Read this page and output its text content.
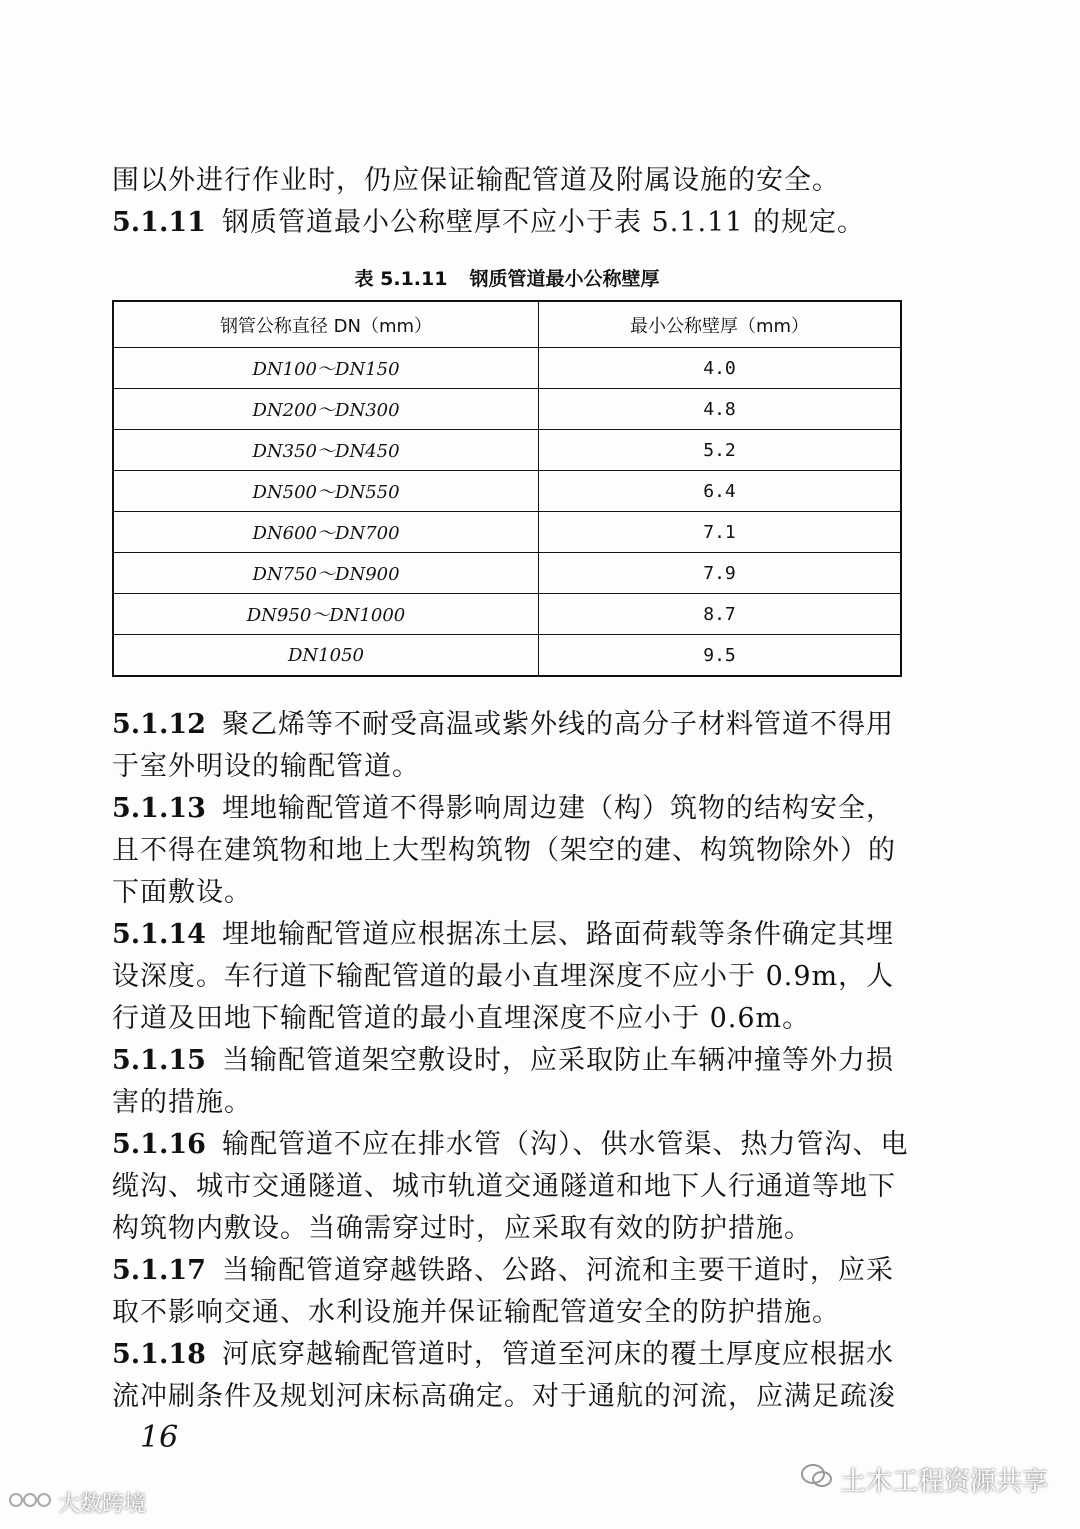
围以外进行作业时，仍应保证输配管道及附属设施的安全。

5.1.11 钢质管道最小公称壁厚不应小于表 5.1.11 的规定。

表 5.1.11 钢质管道最小公称壁厚
钢管公称直径 DN（mm）	最小公称壁厚（mm）
DN100～DN150	4.0
DN200～DN300	4.8
DN350～DN450	5.2
DN500～DN550	6.4
DN600～DN700	7.1
DN750～DN900	7.9
DN950～DN1000	8.7
DN1050	9.5

5.1.12 聚乙烯等不耐受高温或紫外线的高分子材料管道不得用于室外明设的输配管道。

5.1.13 埋地输配管道不得影响周边建（构）筑物的结构安全，且不得在建筑物和地上大型构筑物（架空的建、构筑物除外）的下面敷设。

5.1.14 埋地输配管道应根据冻土层、路面荷载等条件确定其埋设深度。车行道下输配管道的最小直埋深度不应小于 0.9m，人行道及田地下输配管道的最小直埋深度不应小于 0.6m。

5.1.15 当输配管道架空敷设时，应采取防止车辆冲撞等外力损害的措施。

5.1.16 输配管道不应在排水管（沟）、供水管渠、热力管沟、电缆沟、城市交通隧道、城市轨道交通隧道和地下人行通道等地下构筑物内敷设。当确需穿过时，应采取有效的防护措施。

5.1.17 当输配管道穿越铁路、公路、河流和主要干道时，应采取不影响交通、水利设施并保证输配管道安全的防护措施。

5.1.18 河底穿越输配管道时，管道至河床的覆土厚度应根据水流冲刷条件及规划河床标高确定。对于通航的河流，应满足疏浚

16
土木工程资源共享
大数跨境
